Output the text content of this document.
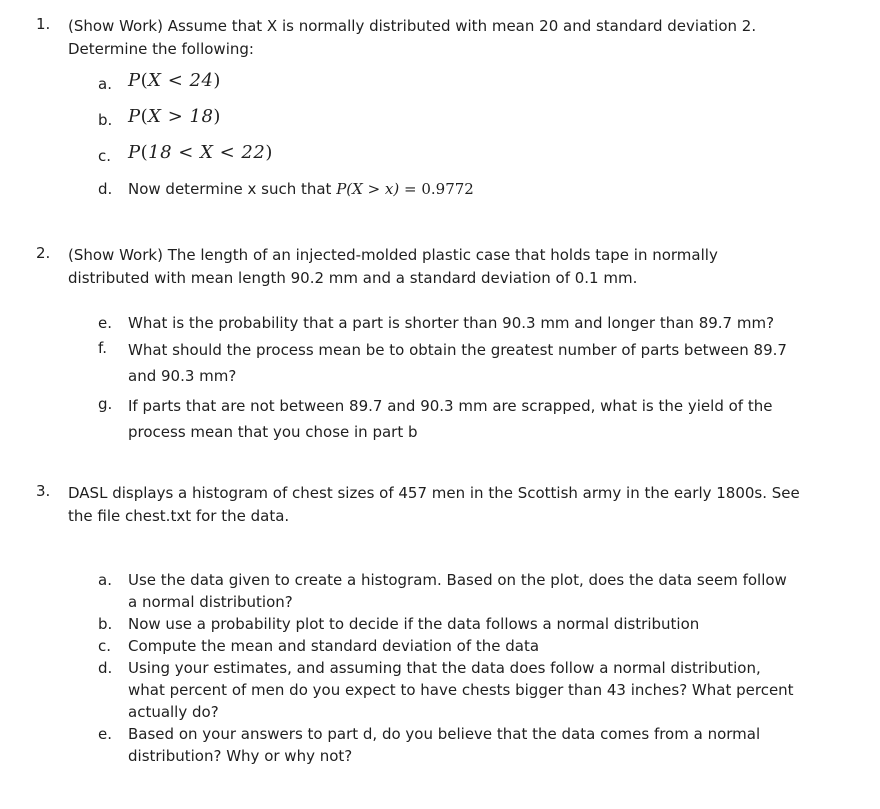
1.	(Show Work) Assume that X is normally distributed with mean 20 and standard deviation 2.
Determine the following:
a. P(X < 24)
b. P(X > 18)
c. P(18 < X < 22)
d.	Now determine x such that P(X > x) = 0.9772
2.	(Show Work) The length of an injected-molded plastic case that holds tape in normally
distributed with mean length 90.2 mm and a standard deviation of 0.1 mm.
e.	What is the probability that a part is shorter than 90.3 mm and longer than 89.7 mm?
f.	What should the process mean be to obtain the greatest number of parts between 89.7
and 90.3 mm?
g.	If parts that are not between 89.7 and 90.3 mm are scrapped, what is the yield of the
process mean that you chose in part b
3.	DASL displays a histogram of chest sizes of 457 men in the Scottish army in the early 1800s. See
the file chest.txt for the data.
a.	Use the data given to create a histogram. Based on the plot, does the data seem follow
a normal distribution?
b.	Now use a probability plot to decide if the data follows a normal distribution
c.	Compute the mean and standard deviation of the data
d.	Using your estimates, and assuming that the data does follow a normal distribution,
what percent of men do you expect to have chests bigger than 43 inches? What percent
actually do?
e.	Based on your answers to part d, do you believe that the data comes from a normal
distribution? Why or why not?
